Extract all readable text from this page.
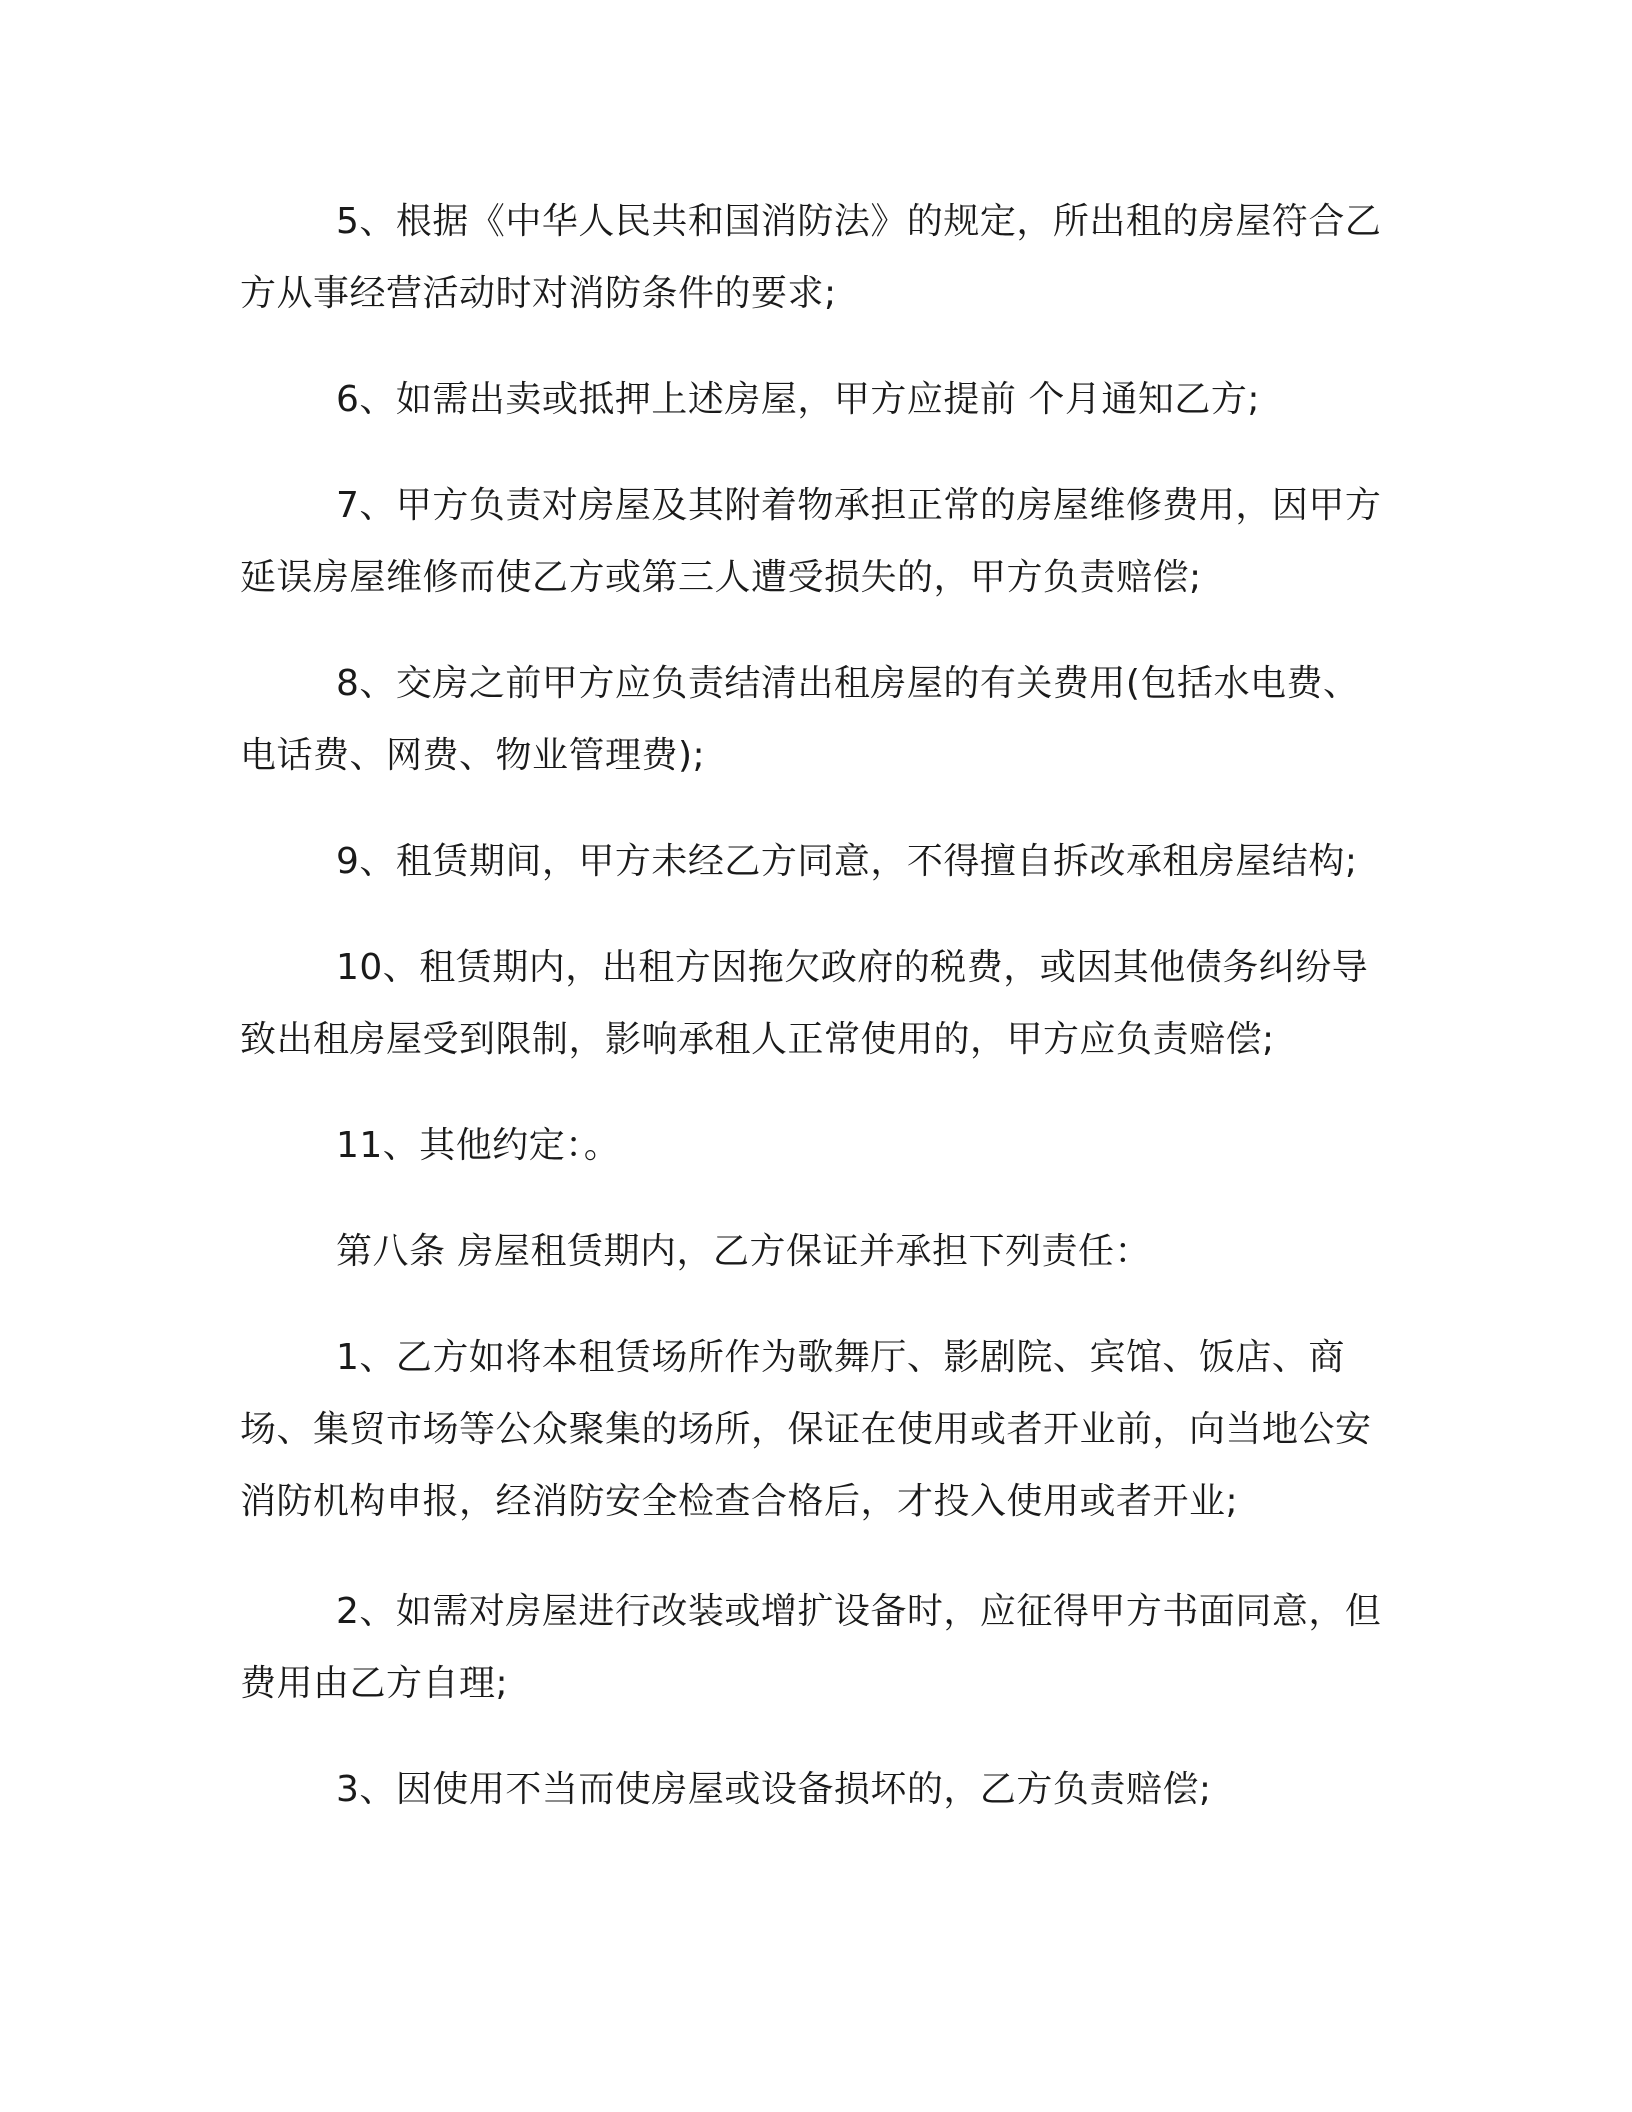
5、根据《中华人民共和国消防法》的规定，所出租的房屋符合乙方从事经营活动时对消防条件的要求;

6、如需出卖或抵押上述房屋，甲方应提前 个月通知乙方;

7、甲方负责对房屋及其附着物承担正常的房屋维修费用，因甲方延误房屋维修而使乙方或第三人遭受损失的，甲方负责赔偿;

8、交房之前甲方应负责结清出租房屋的有关费用(包括水电费、电话费、网费、物业管理费);

9、租赁期间，甲方未经乙方同意，不得擅自拆改承租房屋结构;

10、租赁期内，出租方因拖欠政府的税费，或因其他债务纠纷导致出租房屋受到限制，影响承租人正常使用的，甲方应负责赔偿;

11、其他约定：。

第八条 房屋租赁期内，乙方保证并承担下列责任：

1、乙方如将本租赁场所作为歌舞厅、影剧院、宾馆、饭店、商场、集贸市场等公众聚集的场所，保证在使用或者开业前，向当地公安消防机构申报，经消防安全检查合格后，才投入使用或者开业;

2、如需对房屋进行改装或增扩设备时，应征得甲方书面同意，但费用由乙方自理;

3、因使用不当而使房屋或设备损坏的，乙方负责赔偿;
